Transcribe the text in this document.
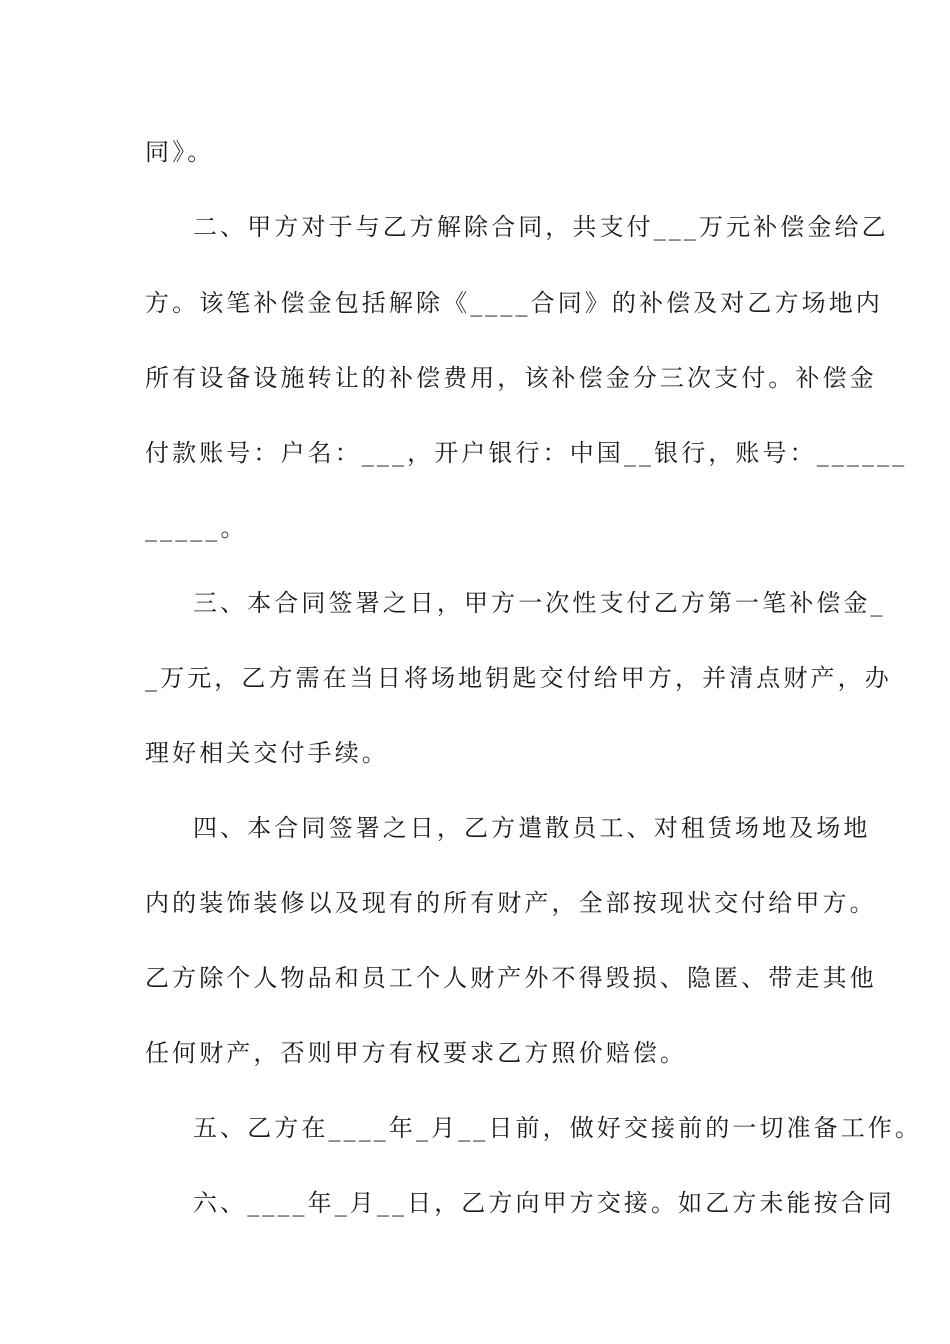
同》。
二、甲方对于与乙方解除合同，共支付___万元补偿金给乙
方。该笔补偿金包括解除《____合同》的补偿及对乙方场地内
所有设备设施转让的补偿费用，该补偿金分三次支付。补偿金
付款账号：户名：___，开户银行：中国__银行，账号：______
_____。
三、本合同签署之日，甲方一次性支付乙方第一笔补偿金_
_万元，乙方需在当日将场地钥匙交付给甲方，并清点财产，办
理好相关交付手续。
四、本合同签署之日，乙方遣散员工、对租赁场地及场地
内的装饰装修以及现有的所有财产，全部按现状交付给甲方。
乙方除个人物品和员工个人财产外不得毁损、隐匿、带走其他
任何财产，否则甲方有权要求乙方照价赔偿。
五、乙方在____年_月__日前，做好交接前的一切准备工作。
六、____年_月__日，乙方向甲方交接。如乙方未能按合同
